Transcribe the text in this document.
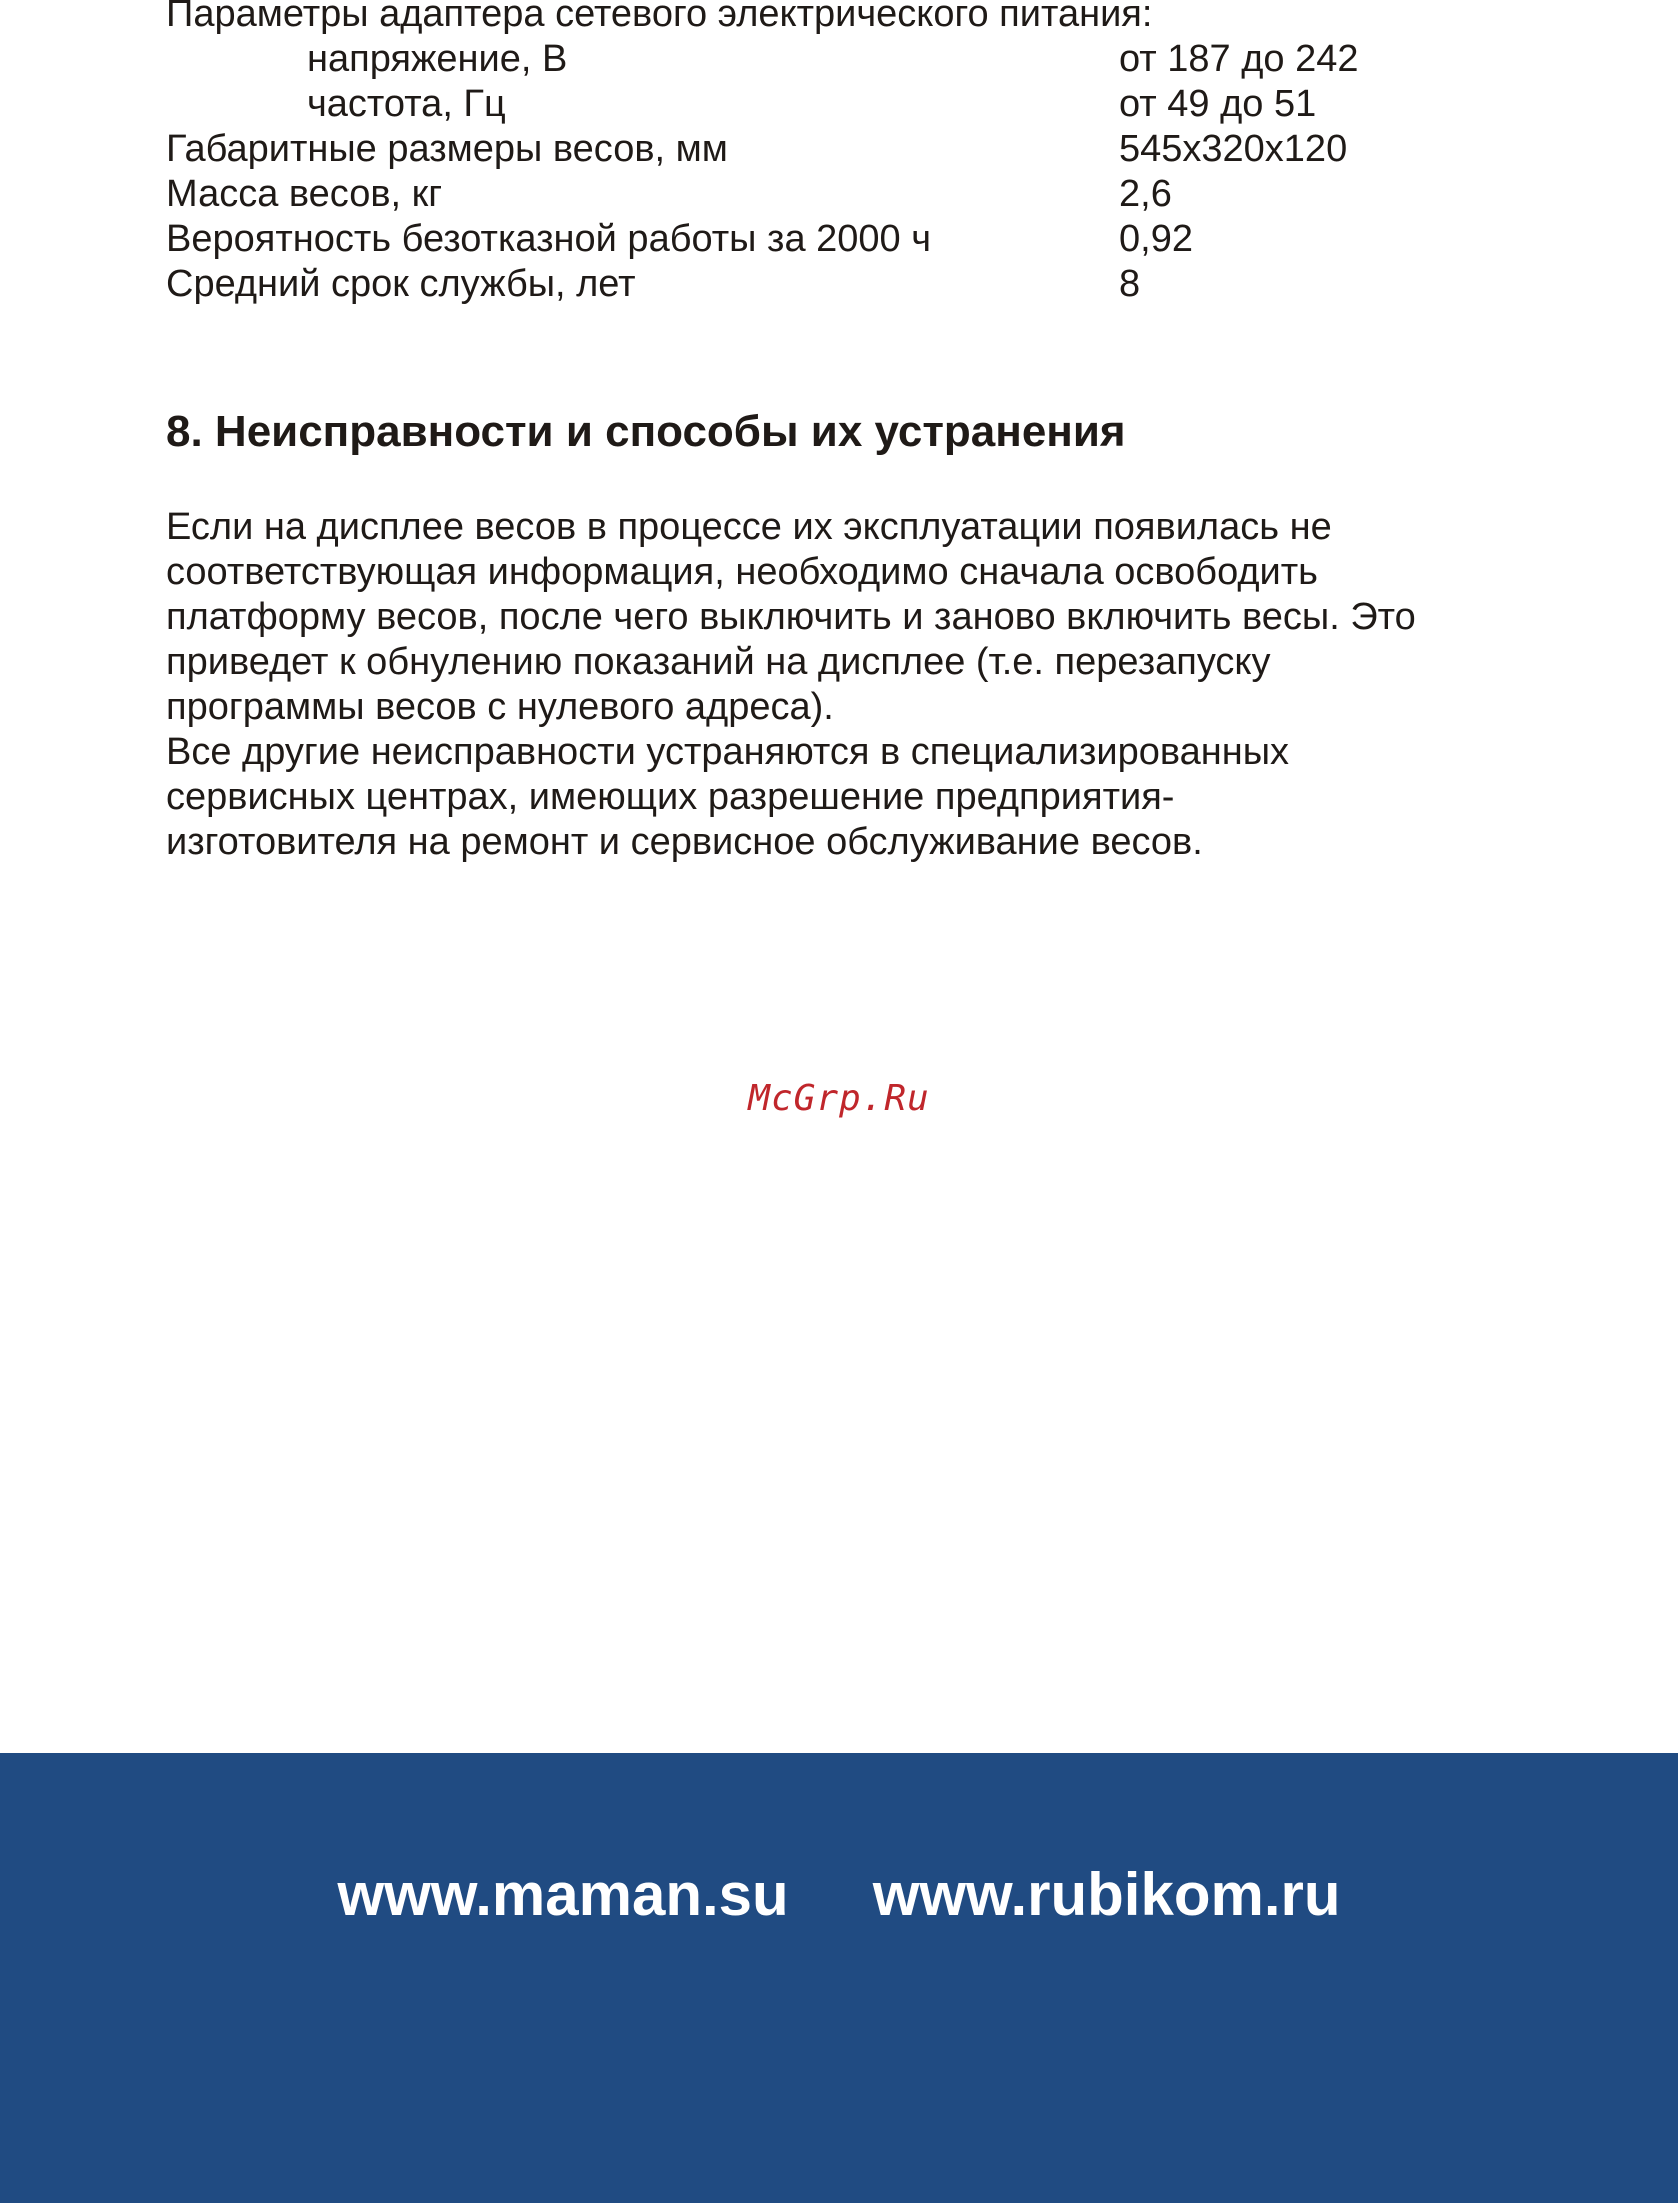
Параметры адаптера сетевого электрического питания:
напряжение, В	от 187 до 242
частота, Гц	от 49 до 51
Габаритные размеры весов, мм	545x320x120
Масса весов, кг	2,6
Вероятность безотказной работы за 2000 ч	0,92
Средний срок службы, лет	8
8. Неисправности и способы их устранения

Если на дисплее весов в процессе их эксплуатации появилась не
соответствующая информация, необходимо сначала освободить
платформу весов, после чего выключить и заново включить весы. Это
приведет к обнулению показаний на дисплее (т.е. перезапуску
программы весов с нулевого адреса).

Все другие неисправности устраняются в специализированных
сервисных центрах, имеющих разрешение предприятия-
изготовителя на ремонт и сервисное обслуживание весов.

McGrp.Ru
www.maman.su www.rubikom.ru
